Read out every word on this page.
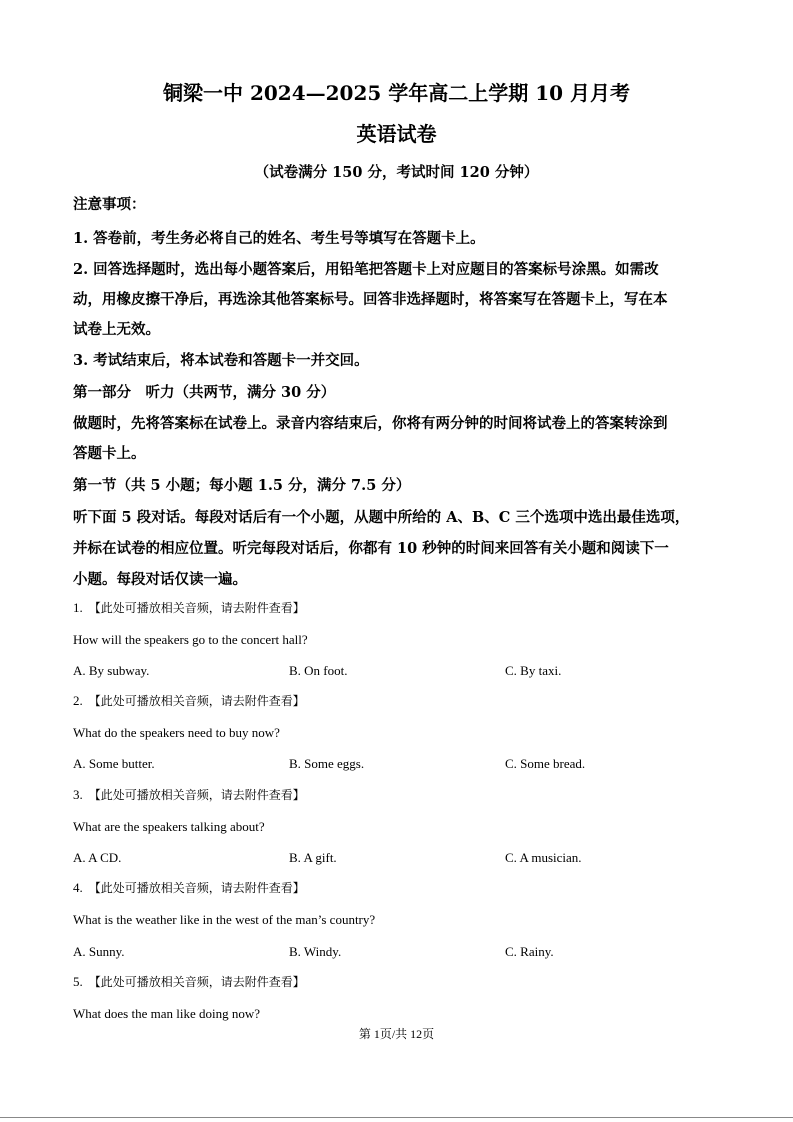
铜梁一中 2024—2025 学年高二上学期 10 月月考
英语试卷
（试卷满分 150 分，考试时间 120 分钟）
注意事项：
1. 答卷前，考生务必将自己的姓名、考生号等填写在答题卡上。
2. 回答选择题时，选出每小题答案后，用铅笔把答题卡上对应题目的答案标号涂黑。如需改
动，用橡皮擦干净后，再选涂其他答案标号。回答非选择题时，将答案写在答题卡上，写在本
试卷上无效。
3. 考试结束后，将本试卷和答题卡一并交回。
第一部分　听力（共两节，满分 30 分）
做题时，先将答案标在试卷上。录音内容结束后，你将有两分钟的时间将试卷上的答案转涂到
答题卡上。
第一节（共 5 小题；每小题 1.5 分，满分 7.5 分）
听下面 5 段对话。每段对话后有一个小题，从题中所给的 A、B、C 三个选项中选出最佳选项，
并标在试卷的相应位置。听完每段对话后，你都有 10 秒钟的时间来回答有关小题和阅读下一
小题。每段对话仅读一遍。
1. 【此处可播放相关音频，请去附件查看】
How will the speakers go to the concert hall?
A. By subway.	B. On foot.	C. By taxi.
2. 【此处可播放相关音频，请去附件查看】
What do the speakers need to buy now?
A. Some butter.	B. Some eggs.	C. Some bread.
3. 【此处可播放相关音频，请去附件查看】
What are the speakers talking about?
A. A CD.	B. A gift.	C. A musician.
4. 【此处可播放相关音频，请去附件查看】
What is the weather like in the west of the man’s country?
A. Sunny.	B. Windy.	C. Rainy.
5. 【此处可播放相关音频，请去附件查看】
What does the man like doing now?
第 1页/共 12页
